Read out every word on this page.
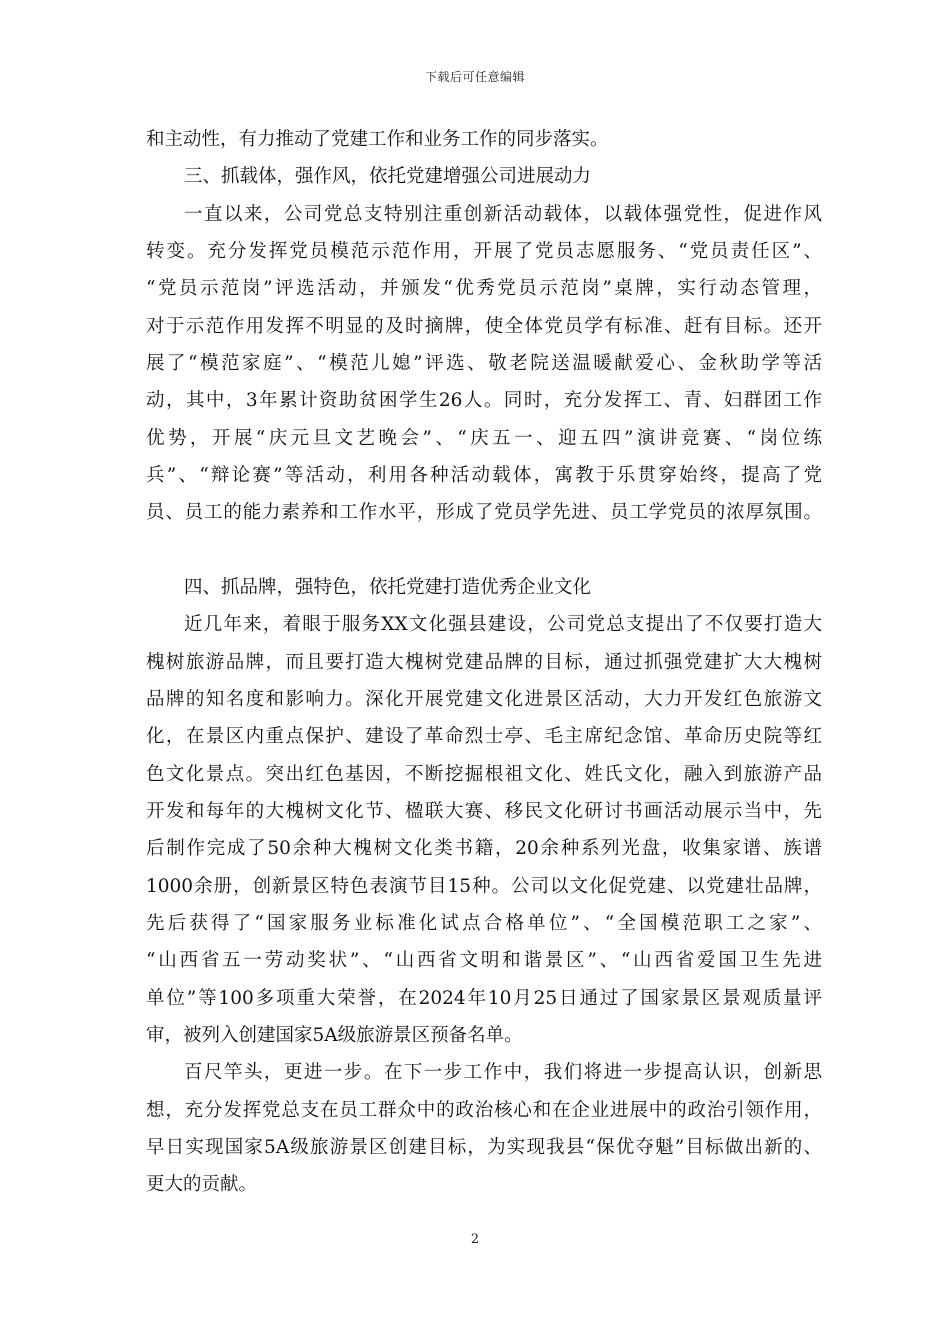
下载后可任意编辑
和主动性，有力推动了党建工作和业务工作的同步落实。
三、抓载体，强作风，依托党建增强公司进展动力
一直以来，公司党总支特别注重创新活动载体，以载体强党性，促进作风
转变。充分发挥党员模范示范作用，开展了党员志愿服务、“党员责任区”、
“党员示范岗”评选活动，并颁发“优秀党员示范岗”桌牌，实行动态管理，
对于示范作用发挥不明显的及时摘牌，使全体党员学有标准、赶有目标。还开
展了“模范家庭”、“模范儿媳”评选、敬老院送温暖献爱心、金秋助学等活
动，其中，3年累计资助贫困学生26人。同时，充分发挥工、青、妇群团工作
优势，开展“庆元旦文艺晚会”、“庆五一、迎五四”演讲竞赛、“岗位练
兵”、“辩论赛”等活动，利用各种活动载体，寓教于乐贯穿始终，提高了党
员、员工的能力素养和工作水平，形成了党员学先进、员工学党员的浓厚氛围。
四、抓品牌，强特色，依托党建打造优秀企业文化
近几年来，着眼于服务XX文化强县建设，公司党总支提出了不仅要打造大
槐树旅游品牌，而且要打造大槐树党建品牌的目标，通过抓强党建扩大大槐树
品牌的知名度和影响力。深化开展党建文化进景区活动，大力开发红色旅游文
化，在景区内重点保护、建设了革命烈士亭、毛主席纪念馆、革命历史院等红
色文化景点。突出红色基因，不断挖掘根祖文化、姓氏文化，融入到旅游产品
开发和每年的大槐树文化节、楹联大赛、移民文化研讨书画活动展示当中，先
后制作完成了50余种大槐树文化类书籍，20余种系列光盘，收集家谱、族谱
1000余册，创新景区特色表演节目15种。公司以文化促党建、以党建壮品牌，
先后获得了“国家服务业标准化试点合格单位”、“全国模范职工之家”、
“山西省五一劳动奖状”、“山西省文明和谐景区”、“山西省爱国卫生先进
单位”等100多项重大荣誉，在2024年10月25日通过了国家景区景观质量评
审，被列入创建国家5A级旅游景区预备名单。
百尺竿头，更进一步。在下一步工作中，我们将进一步提高认识，创新思
想，充分发挥党总支在员工群众中的政治核心和在企业进展中的政治引领作用，
早日实现国家5A级旅游景区创建目标，为实现我县“保优夺魁”目标做出新的、
更大的贡献。
2
